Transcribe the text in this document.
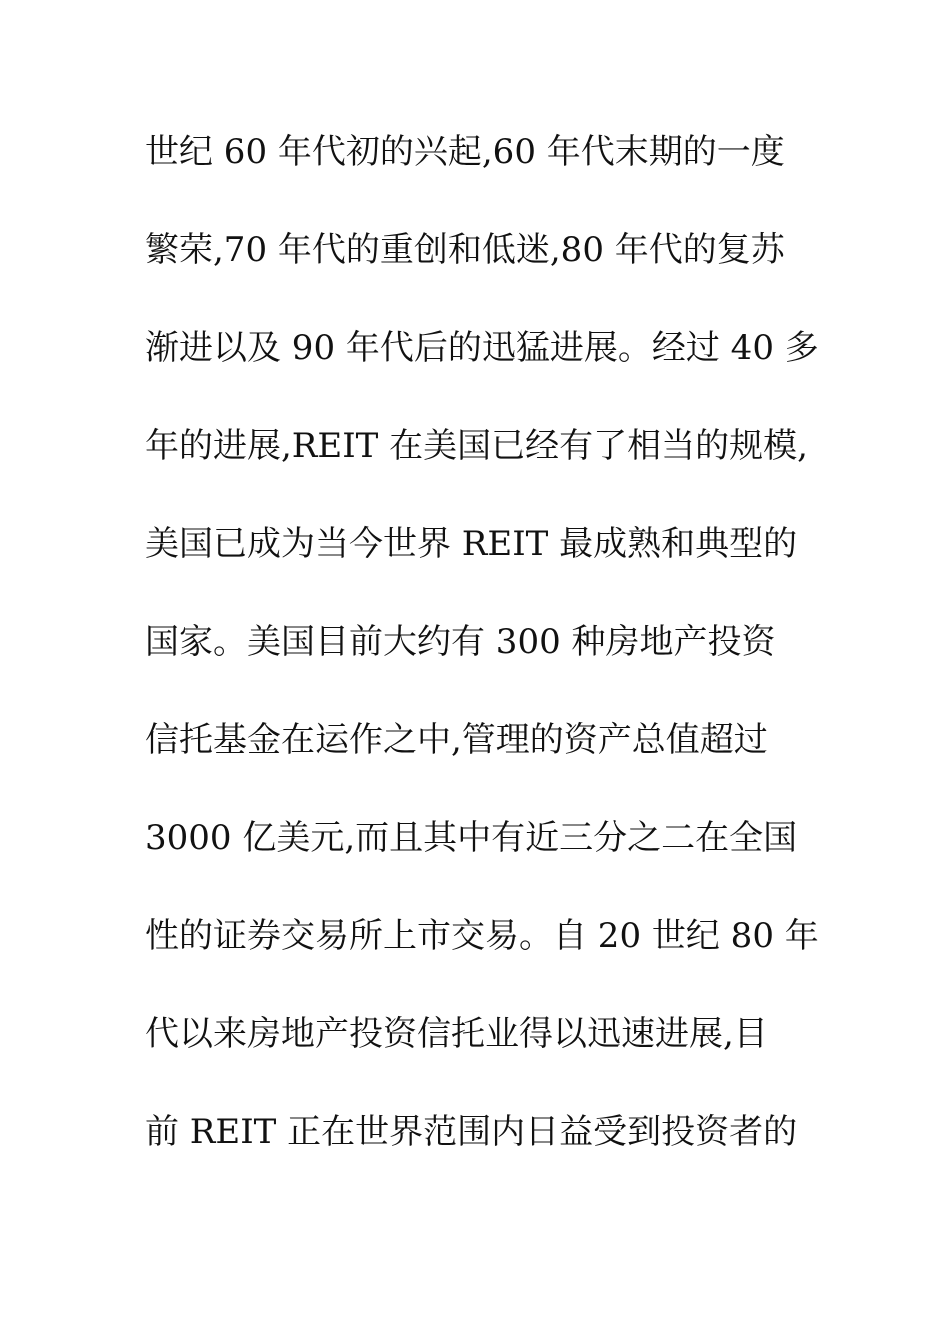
世纪 60 年代初的兴起,60 年代末期的一度
繁荣,70 年代的重创和低迷,80 年代的复苏
渐进以及 90 年代后的迅猛进展。经过 40 多
年的进展,REIT 在美国已经有了相当的规模,
美国已成为当今世界 REIT 最成熟和典型的
国家。美国目前大约有 300 种房地产投资
信托基金在运作之中,管理的资产总值超过
3000 亿美元,而且其中有近三分之二在全国
性的证券交易所上市交易。自 20 世纪 80 年
代以来房地产投资信托业得以迅速进展,目
前 REIT 正在世界范围内日益受到投资者的
